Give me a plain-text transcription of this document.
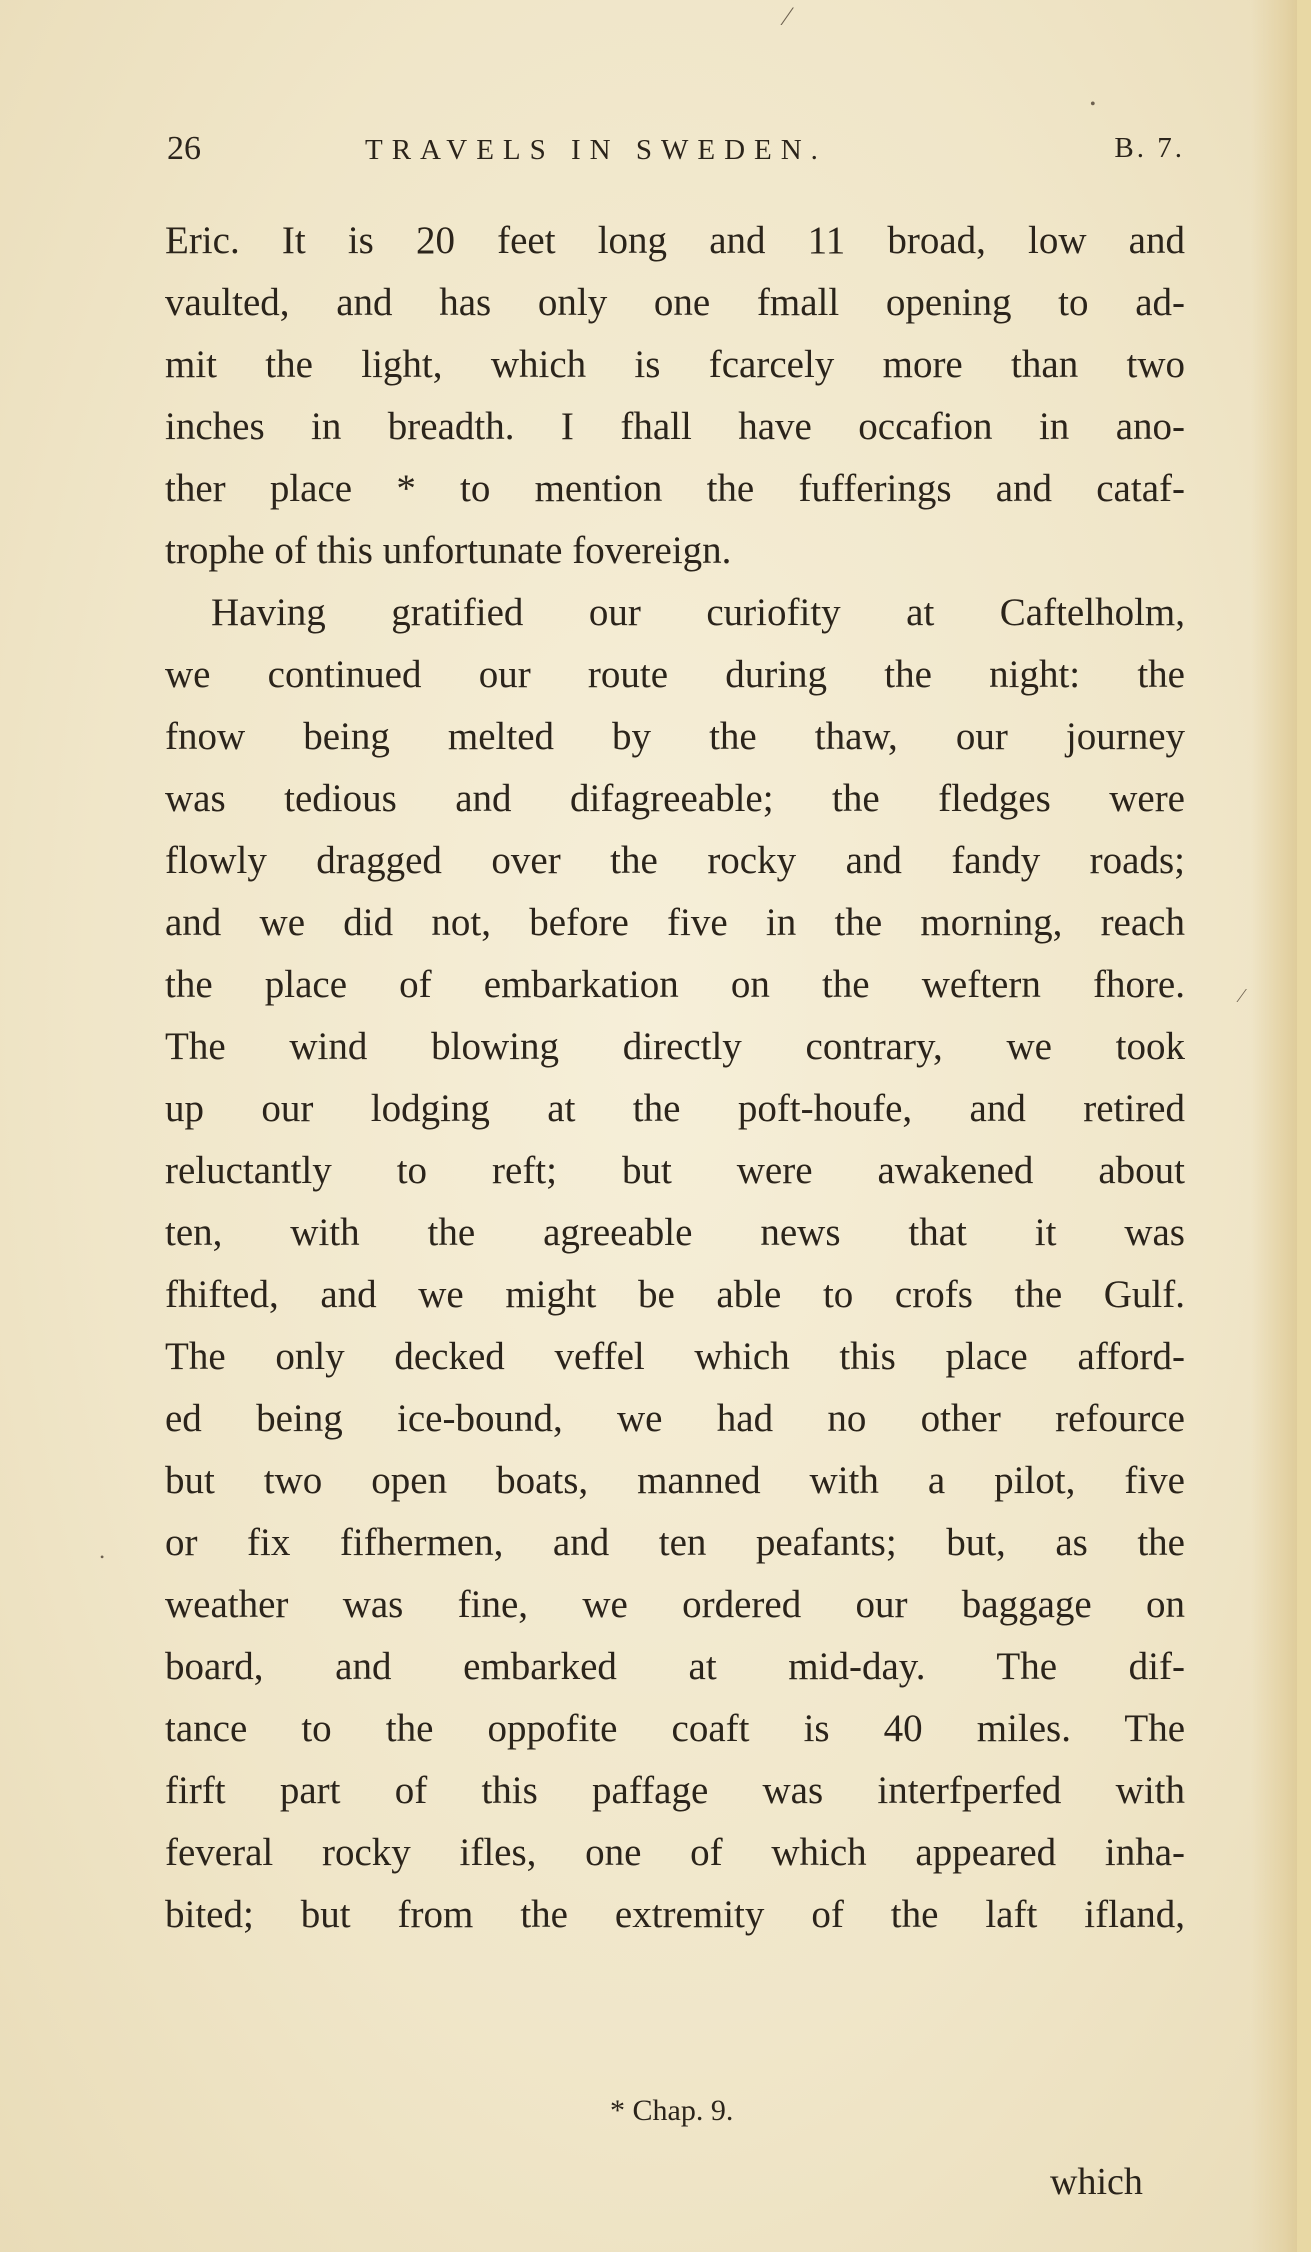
26	TRAVELS IN SWEDEN.	B. 7.
Eric. It is 20 feet long and 11 broad, low and
vaulted, and has only one fmall opening to ad-
mit the light, which is fcarcely more than two
inches in breadth. I fhall have occafion in ano-
ther place * to mention the fufferings and cataf-
trophe of this unfortunate fovereign.
Having gratified our curiofity at Caftelholm,
we continued our route during the night: the
fnow being melted by the thaw, our journey
was tedious and difagreeable; the fledges were
flowly dragged over the rocky and fandy roads;
and we did not, before five in the morning, reach
the place of embarkation on the weftern fhore.
The wind blowing directly contrary, we took
up our lodging at the poft-houfe, and retired
reluctantly to reft; but were awakened about
ten, with the agreeable news that it was
fhifted, and we might be able to crofs the Gulf.
The only decked veffel which this place afford-
ed being ice-bound, we had no other refource
but two open boats, manned with a pilot, five
or fix fifhermen, and ten peafants; but, as the
weather was fine, we ordered our baggage on
board, and embarked at mid-day. The dif-
tance to the oppofite coaft is 40 miles. The
firft part of this paffage was interfperfed with
feveral rocky ifles, one of which appeared inha-
bited; but from the extremity of the laft ifland,
* Chap. 9.
which
⁄
•
⁄
•
